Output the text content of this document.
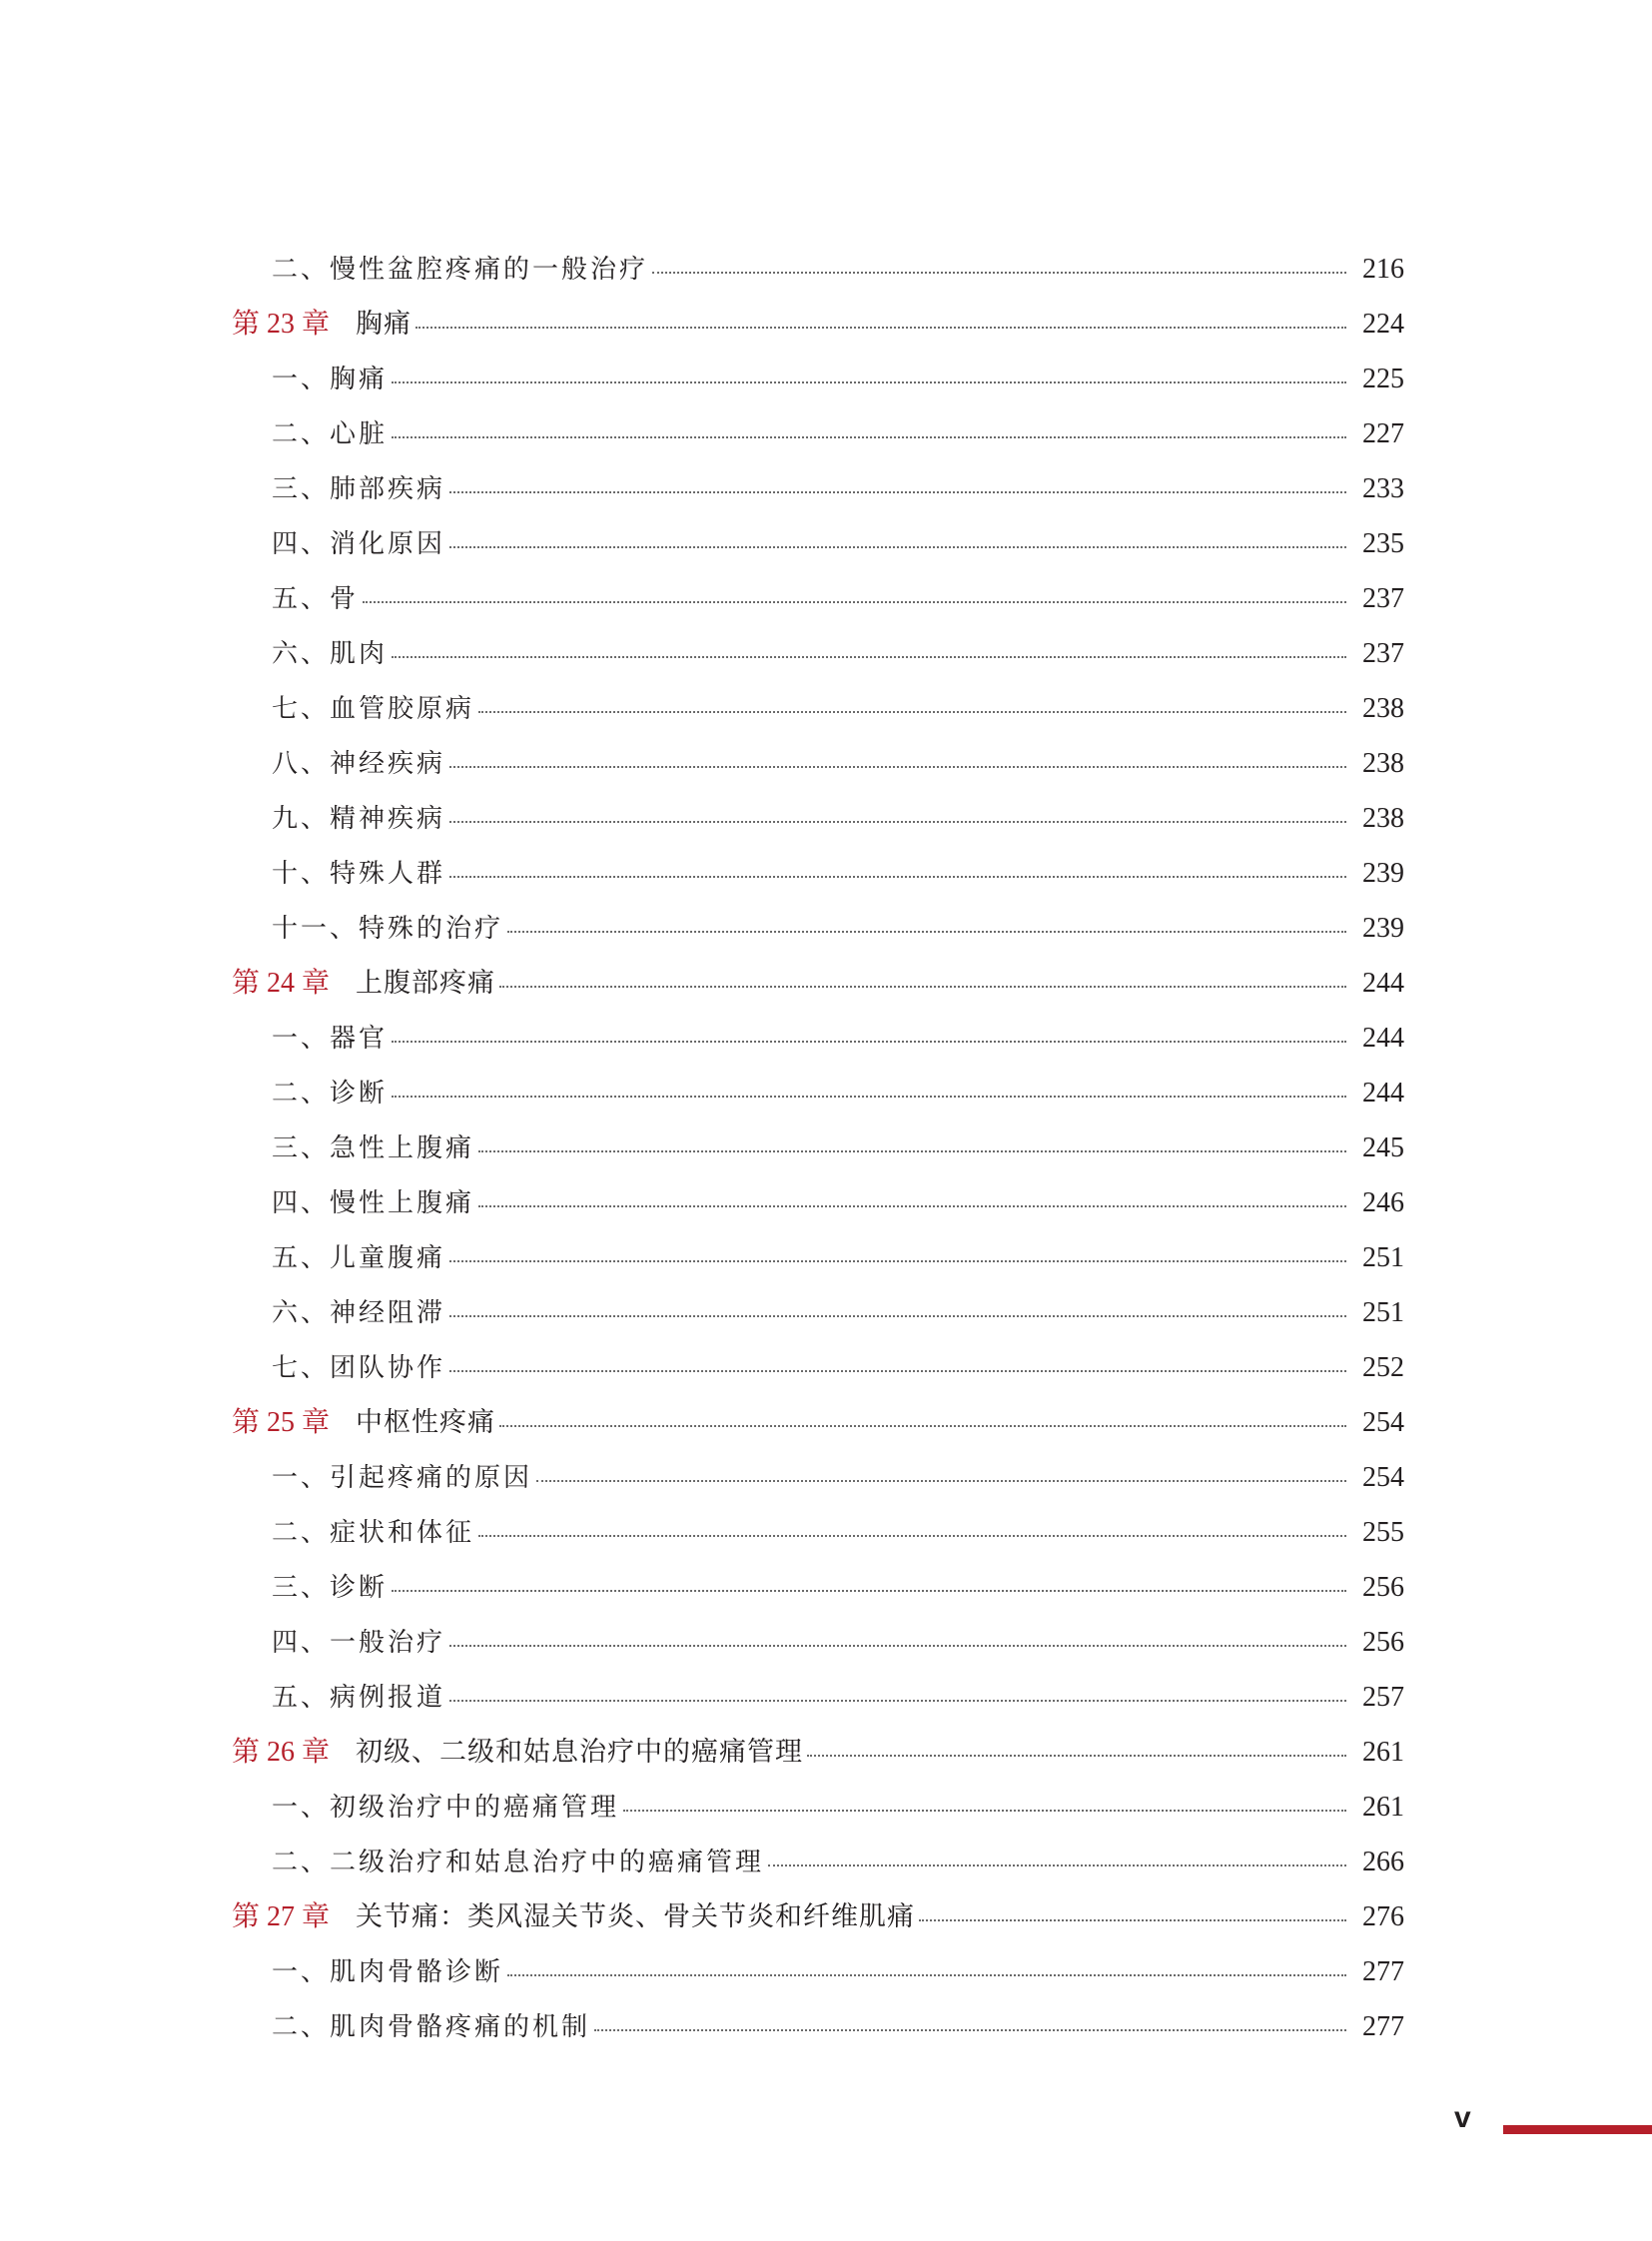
二、慢性盆腔疼痛的一般治疗	216
第 23 章 胸痛	224
一、胸痛	225
二、心脏	227
三、肺部疾病	233
四、消化原因	235
五、骨	237
六、肌肉	237
七、血管胶原病	238
八、神经疾病	238
九、精神疾病	238
十、特殊人群	239
十一、特殊的治疗	239
第 24 章 上腹部疼痛	244
一、器官	244
二、诊断	244
三、急性上腹痛	245
四、慢性上腹痛	246
五、儿童腹痛	251
六、神经阻滞	251
七、团队协作	252
第 25 章 中枢性疼痛	254
一、引起疼痛的原因	254
二、症状和体征	255
三、诊断	256
四、一般治疗	256
五、病例报道	257
第 26 章 初级、二级和姑息治疗中的癌痛管理	261
一、初级治疗中的癌痛管理	261
二、二级治疗和姑息治疗中的癌痛管理	266
第 27 章 关节痛：类风湿关节炎、骨关节炎和纤维肌痛	276
一、肌肉骨骼诊断	277
二、肌肉骨骼疼痛的机制	277
v
